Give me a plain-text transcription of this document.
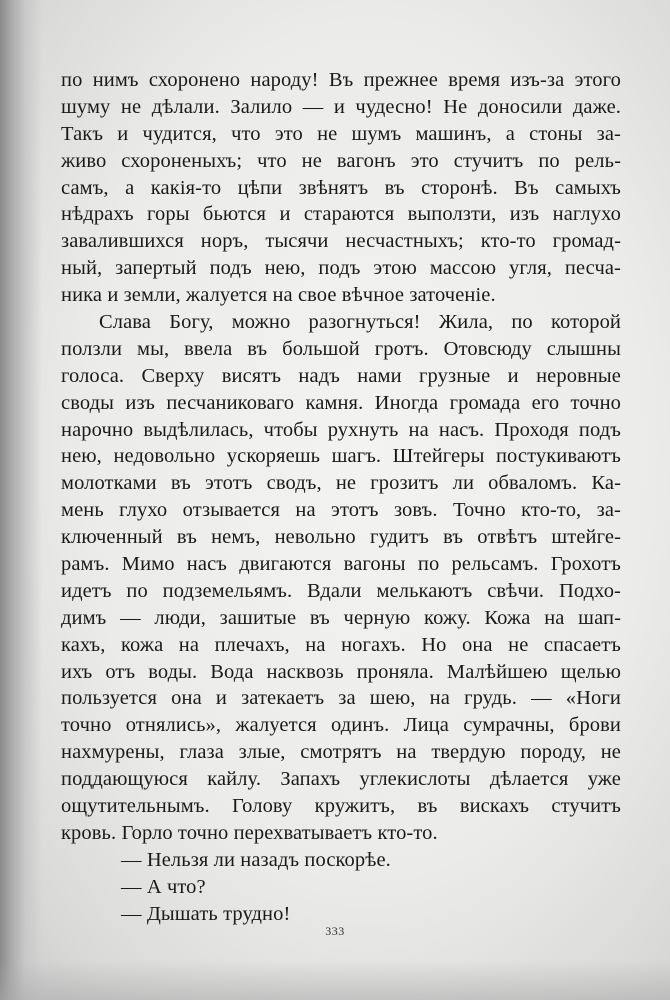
по нимъ схоронено народу! Въ прежнее время изъ-за этого
шуму не дѣлали. Залило — и чудесно! Не доносили даже.
Такъ и чудится, что это не шумъ машинъ, а стоны за-
живо схороненыхъ; что не вагонъ это стучитъ по рель-
самъ, а какія-то цѣпи звѣнятъ въ сторонѣ. Въ самыхъ
нѣдрахъ горы бьются и стараются выползти, изъ наглухо
завалившихся норъ, тысячи несчастныхъ; кто-то громад-
ный, запертый подъ нею, подъ этою массою угля, песча-
ника и земли, жалуется на свое вѣчное заточенiе.
Слава Богу, можно разогнуться! Жила, по которой
ползли мы, ввела въ большой гротъ. Отовсюду слышны
голоса. Сверху висятъ надъ нами грузные и неровные
своды изъ песчаниковаго камня. Иногда громада его точно
нарочно выдѣлилась, чтобы рухнуть на насъ. Проходя подъ
нею, недовольно ускоряешь шагъ. Штейгеры постукиваютъ
молотками въ этотъ сводъ, не грозитъ ли обваломъ. Ка-
мень глухо отзывается на этотъ зовъ. Точно кто-то, за-
ключенный въ немъ, невольно гудитъ въ отвѣтъ штейге-
рамъ. Мимо насъ двигаются вагоны по рельсамъ. Грохотъ
идетъ по подземельямъ. Вдали мелькаютъ свѣчи. Подхо-
димъ — люди, зашитые въ черную кожу. Кожа на шап-
кахъ, кожа на плечахъ, на ногахъ. Но она не спасаетъ
ихъ отъ воды. Вода насквозь проняла. Малѣйшею щелью
пользуется она и затекаетъ за шею, на грудь. — «Ноги
точно отнялись», жалуется одинъ. Лица сумрачны, брови
нахмурены, глаза злые, смотрятъ на твердую породу, не
поддающуюся кайлу. Запахъ углекислоты дѣлается уже
ощутительнымъ. Голову кружитъ, въ вискахъ стучитъ
кровь. Горло точно перехватываетъ кто-то.
— Нельзя ли назадъ поскорѣе.
— А что?
— Дышать трудно!
333
